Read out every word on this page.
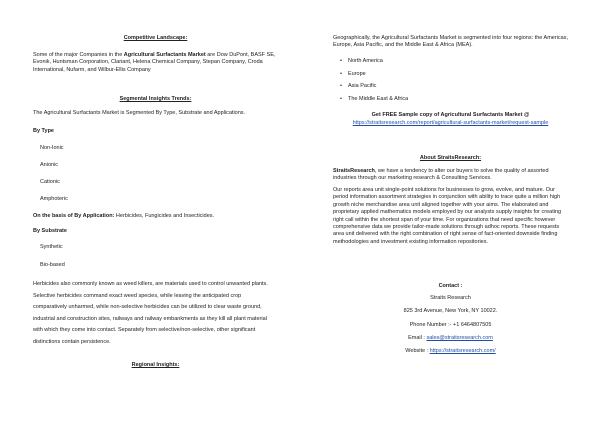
Competitive Landscape:

Some of the major Companies in the Agricultural Surfactants Market are Dow DuPont, BASF SE, Evonik, Huntsman Corporation, Clariant, Helena Chemical Company, Stepan Company, Croda International, Nufarm, and Wilbur-Ellis Company

Segmental Insights Trends:

The Agricultural Surfactants Market is Segmented By Type, Substrate and Applications.

By Type

Non-Ionic

Anionic

Cationic

Amphoteric

On the basis of By Application: Herbicides, Fungicides and Insecticides.

By Substrate

Synthetic

Bio-based

Herbicides also commonly known as weed killers, are materials used to control unwanted plants. Selective herbicides command exact weed species, while leaving the anticipated crop comparatively unharmed, while non-selective herbicides can be utilized to clear waste ground, industrial and construction sites, railways and railway embankments as they kill all plant material with which they come into contact. Separately from selective/non-selective, other significant distinctions contain persistence.

Regional Insights:

Geographically, the Agricultural Surfactants Market is segmented into four regions: the Americas, Europe, Asia Pacific, and the Middle East & Africa (MEA).

• North America
• Europe
• Asia Pacific
• The Middle East & Africa

Get FREE Sample copy of Agricultural Surfactants Market @

https://straitsresearch.com/report/agricultural-surfactants-market/request-sample

About StraitsResearch:

StraitsResearch, we have a tendency to alter our buyers to solve the quality of assorted industries through our marketing research & Consulting Services.

Our reports area unit single-point solutions for businesses to grow, evolve, and mature. Our period information assortment strategies in conjunction with ability to trace quite a million high growth niche merchandise area unit aligned together with your aims. The elaborated and proprietary applied mathematics models employed by our analysts supply insights for creating right call within the shortest span of your time. For organizations that need specific however comprehensive data we provide tailor-made solutions through adhoc reports. These requests area unit delivered with the right combination of right sense of fact-oriented downside finding methodologies and investment existing information repositories.

Contact :

Straits Research

825 3rd Avenue, New York, NY 10022.

Phone Number :- +1 6464807505

Email : sales@straitsresearch.com

Website : https://straitsresearch.com/
